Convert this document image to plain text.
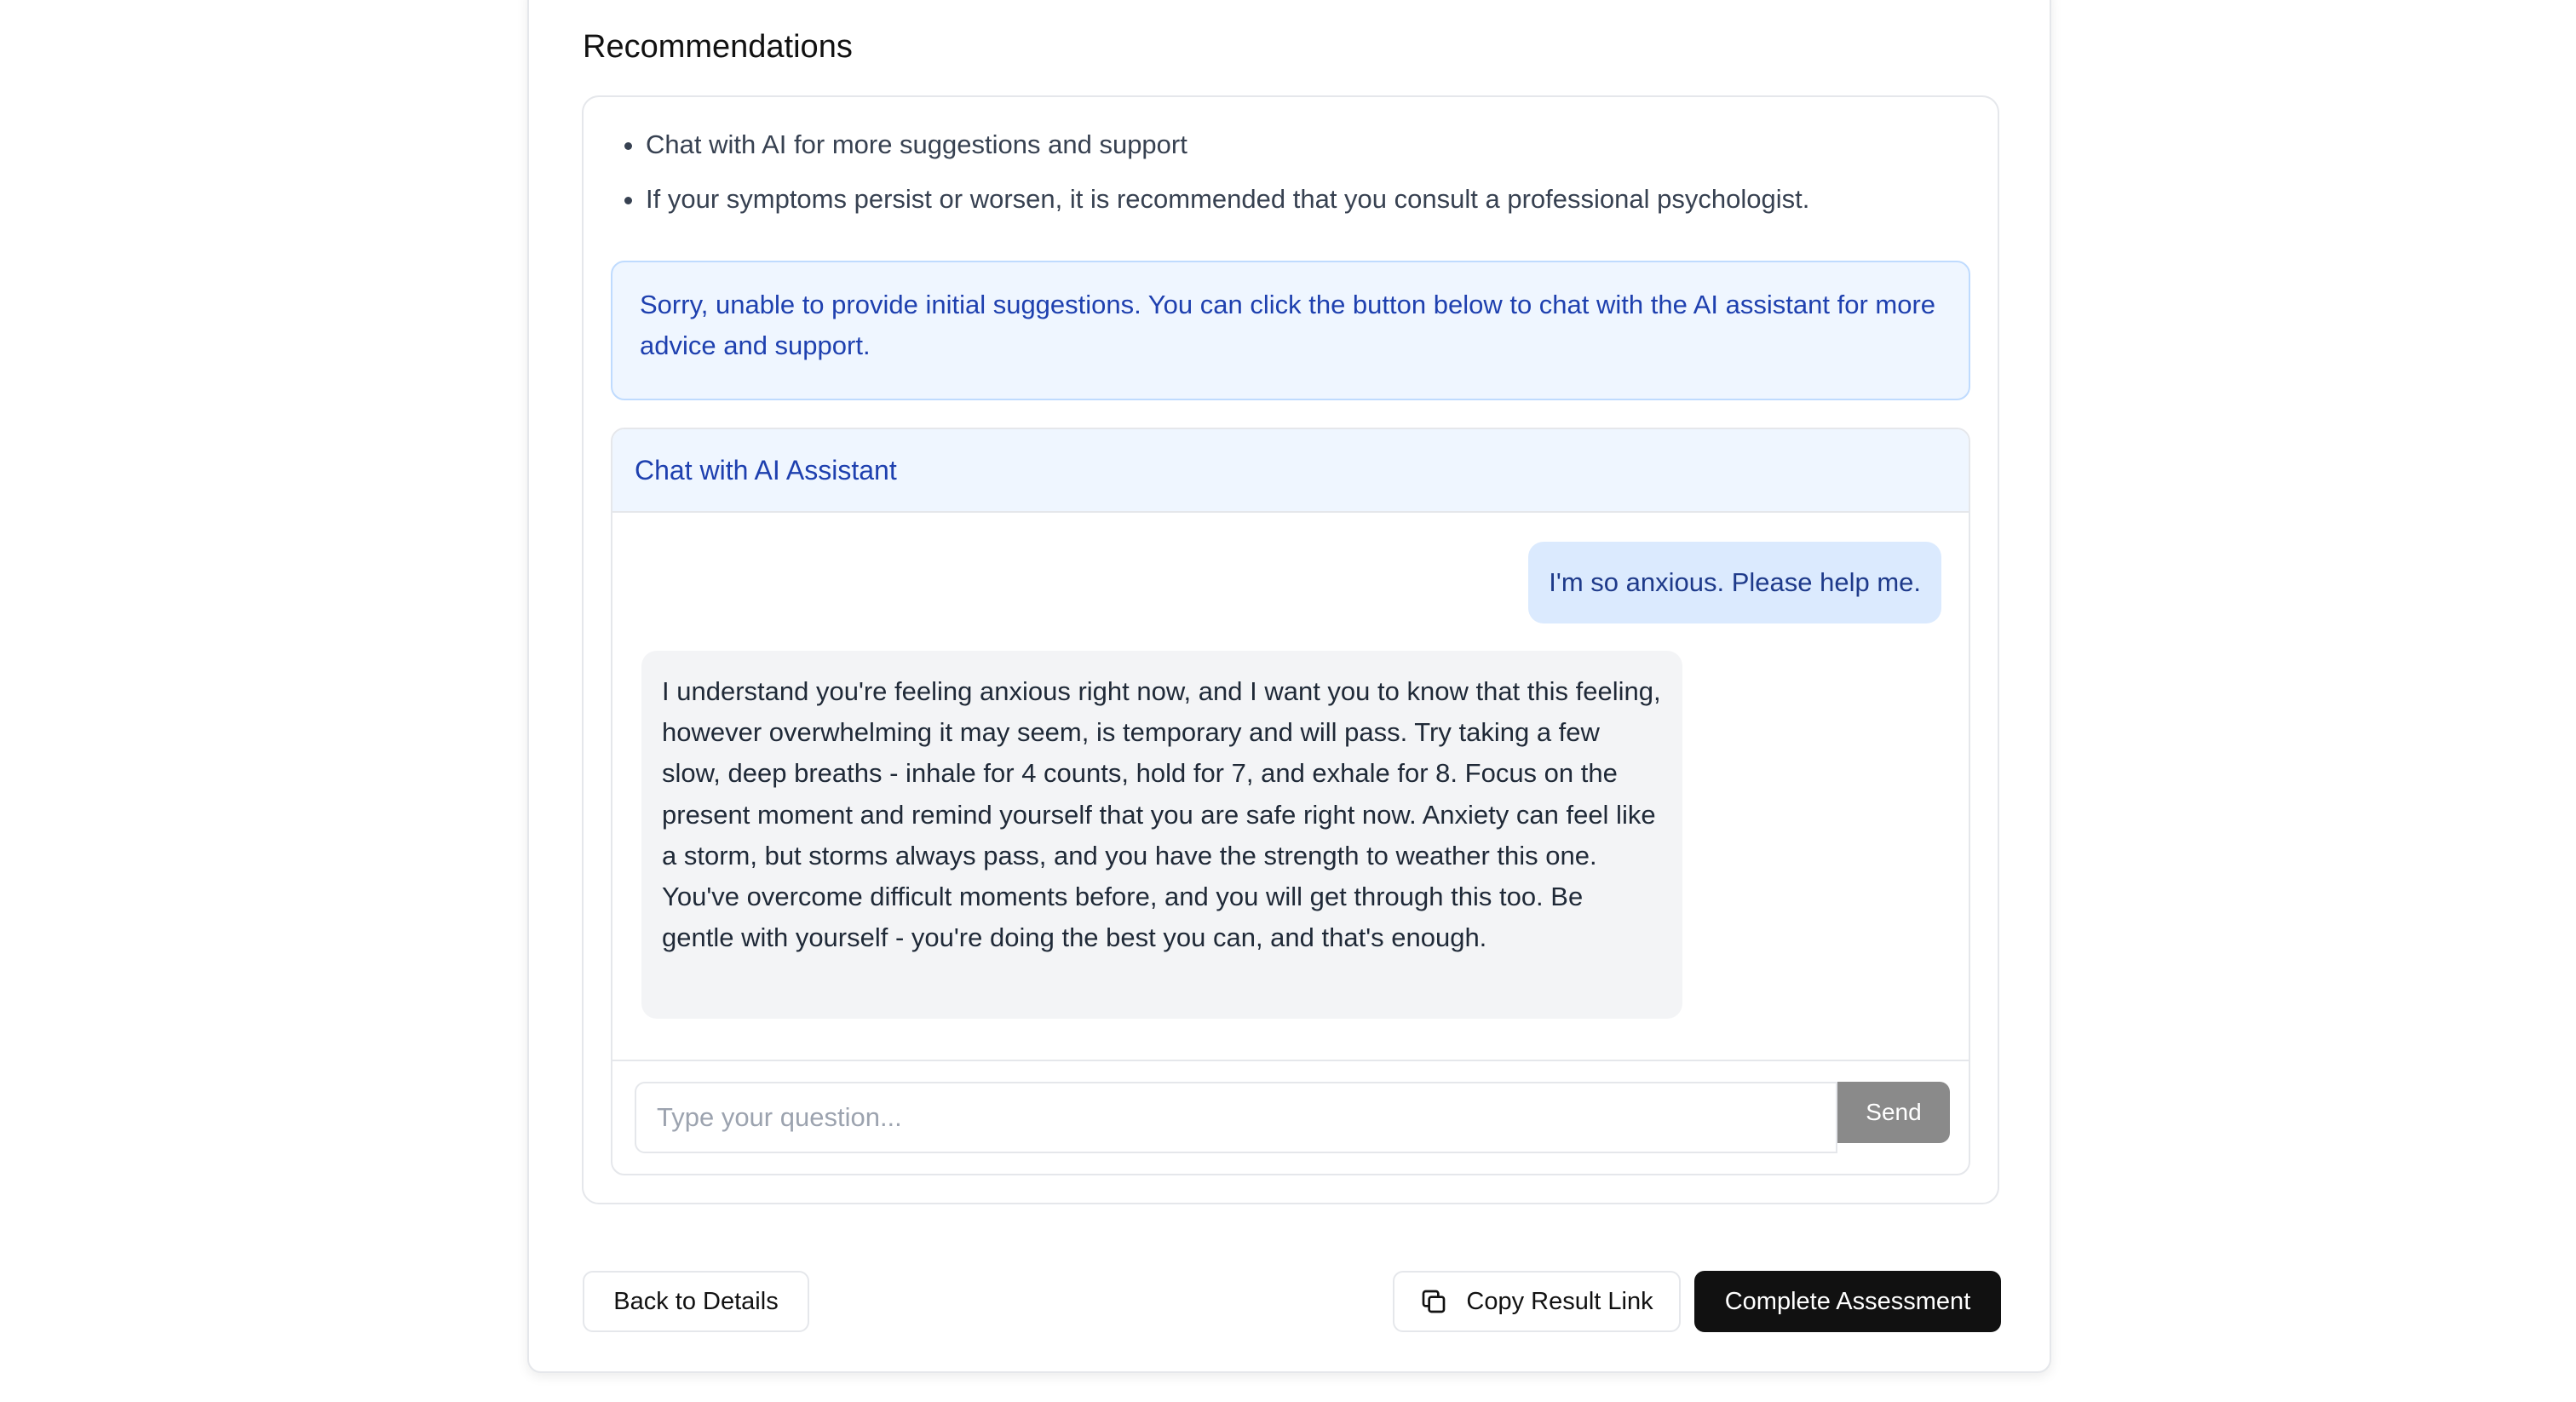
Recommendations
• Chat with AI for more suggestions and support
• If your symptoms persist or worsen, it is recommended that you consult a professional psychologist.
Sorry, unable to provide initial suggestions. You can click the button below to chat with the AI assistant for more advice and support.
Chat with AI Assistant
I'm so anxious. Please help me.
I understand you're feeling anxious right now, and I want you to know that this feeling, however overwhelming it may seem, is temporary and will pass. Try taking a few slow, deep breaths - inhale for 4 counts, hold for 7, and exhale for 8. Focus on the present moment and remind yourself that you are safe right now. Anxiety can feel like a storm, but storms always pass, and you have the strength to weather this one. You've overcome difficult moments before, and you will get through this too. Be gentle with yourself - you're doing the best you can, and that's enough.
Type your question...
Send
Back to Details	Copy Result Link	Complete Assessment
